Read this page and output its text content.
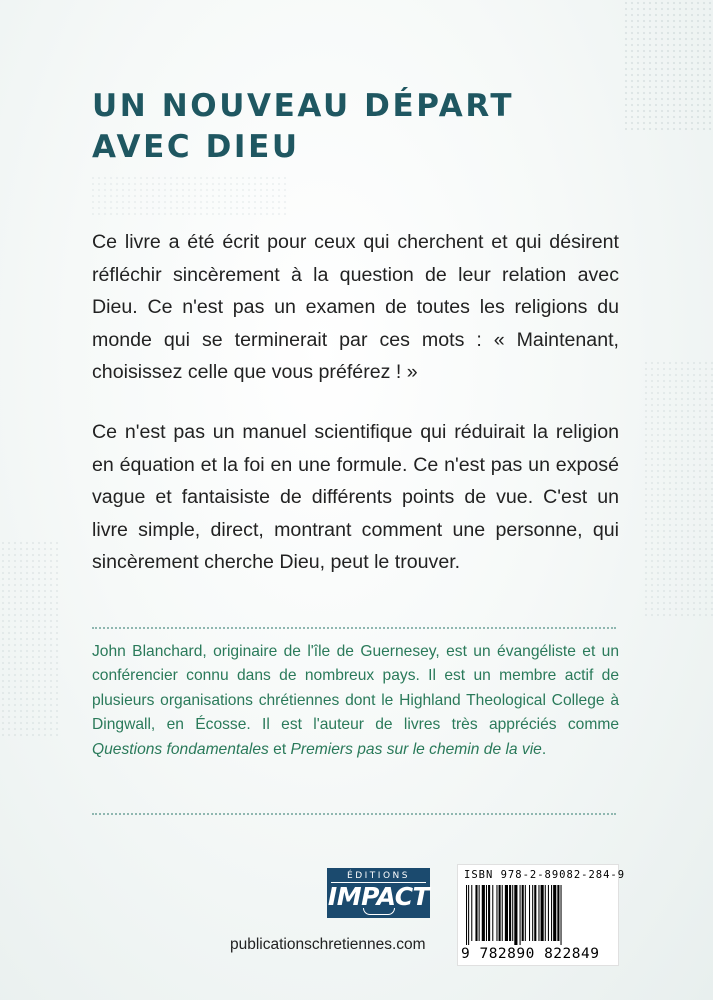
UN NOUVEAU DÉPART
AVEC DIEU

Ce livre a été écrit pour ceux qui cherchent et qui désirent réfléchir sincèrement à la question de leur relation avec Dieu. Ce n'est pas un examen de toutes les religions du monde qui se terminerait par ces mots : « Maintenant, choisissez celle que vous préférez ! »

Ce n'est pas un manuel scientifique qui réduirait la religion en équation et la foi en une formule. Ce n'est pas un exposé vague et fantaisiste de différents points de vue. C'est un livre simple, direct, montrant comment une personne, qui sincèrement cherche Dieu, peut le trouver.

John Blanchard, originaire de l'île de Guernesey, est un évangéliste et un conférencier connu dans de nombreux pays. Il est un membre actif de plusieurs organisations chrétiennes dont le Highland Theological College à Dingwall, en Écosse. Il est l'auteur de livres très appréciés comme Questions fondamentales et Premiers pas sur le chemin de la vie.

ÉDITIONS
IMPACT

publicationschretiennes.com

ISBN 978-2-89082-284-9

9 782890 822849
